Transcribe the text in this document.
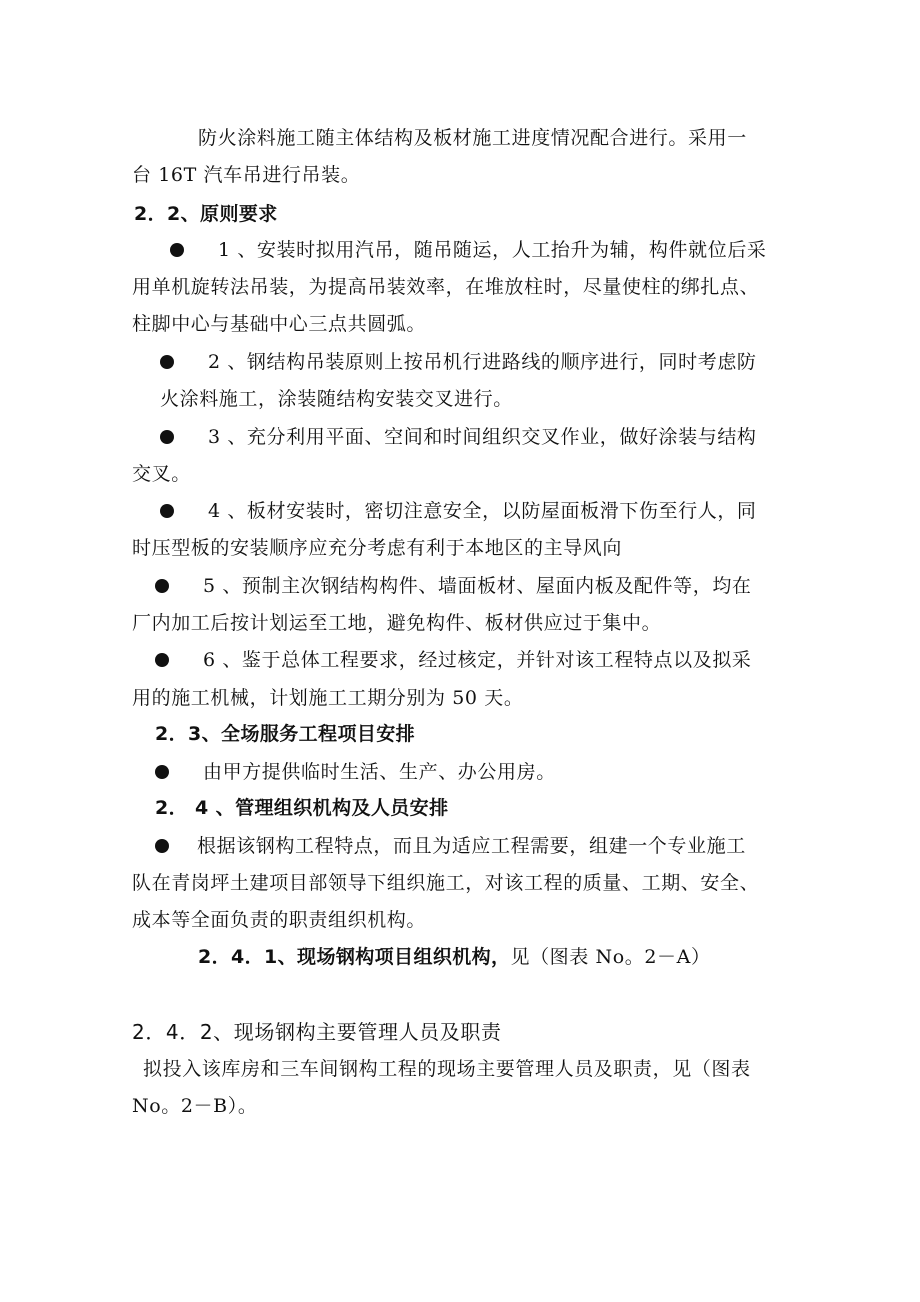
防火涂料施工随主体结构及板材施工进度情况配合进行。采用一
台 16T 汽车吊进行吊装。
2．2、原则要求
1 、安装时拟用汽吊，随吊随运，人工抬升为辅，构件就位后采
用单机旋转法吊装，为提高吊装效率，在堆放柱时，尽量使柱的绑扎点、
柱脚中心与基础中心三点共圆弧。
2 、钢结构吊装原则上按吊机行进路线的顺序进行，同时考虑防
火涂料施工，涂装随结构安装交叉进行。
3 、充分利用平面、空间和时间组织交叉作业，做好涂装与结构
交叉。
4 、板材安装时，密切注意安全，以防屋面板滑下伤至行人，同
时压型板的安装顺序应充分考虑有利于本地区的主导风向
5 、预制主次钢结构构件、墙面板材、屋面内板及配件等，均在
厂内加工后按计划运至工地，避免构件、板材供应过于集中。
6 、鉴于总体工程要求，经过核定，并针对该工程特点以及拟采
用的施工机械，计划施工工期分别为 50 天。
2．3、全场服务工程项目安排
由甲方提供临时生活、生产、办公用房。
2． 4 、管理组织机构及人员安排
根据该钢构工程特点，而且为适应工程需要，组建一个专业施工
队在青岗坪土建项目部领导下组织施工，对该工程的质量、工期、安全、
成本等全面负责的职责组织机构。
2．4．1、现场钢构项目组织机构，见（图表 No。2－A）
2．4．2、现场钢构主要管理人员及职责
拟投入该库房和三车间钢构工程的现场主要管理人员及职责，见（图表
No。2－B）。
